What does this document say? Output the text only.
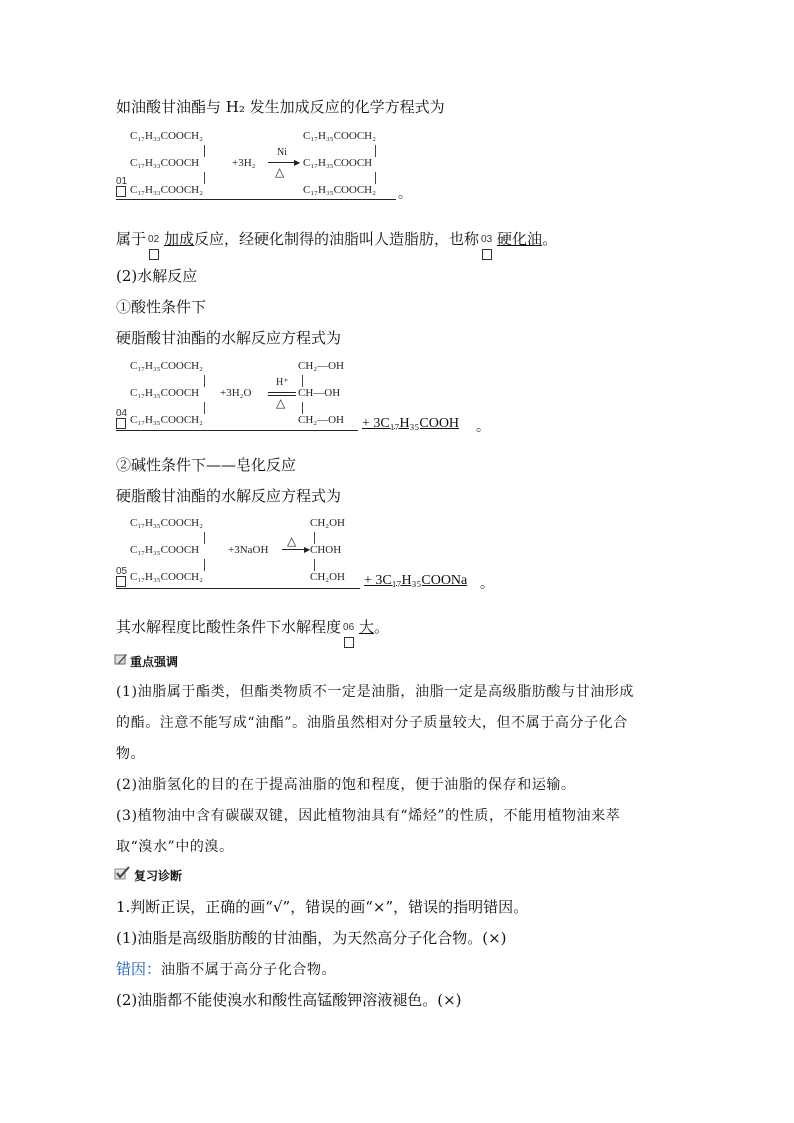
如油酸甘油酯与 H₂ 发生加成反应的化学方程式为
C₁₇H₃₃COOCH₂
C₁₇H₃₃COOCH
C₁₇H₃₃COOCH₂
+3H₂
Ni
▶
△
C₁₇H₃₅COOCH₂
C₁₇H₃₅COOCH
C₁₇H₃₅COOCH₂
01
。
属于 02 加成反应，经硬化制得的油脂叫人造脂肪，也称 03 硬化油。
(2)水解反应
①酸性条件下
硬脂酸甘油酯的水解反应方程式为
C₁₇H₃₅COOCH₂
C₁₇H₃₅COOCH
C₁₇H₃₅COOCH₂
+3H₂O
H⁺
△
CH₂—OH
CH—OH
CH₂—OH
04
+ 3C₁₇H₃₅COOH 。
②碱性条件下——皂化反应
硬脂酸甘油酯的水解反应方程式为
C₁₇H₃₅COOCH₂
C₁₇H₃₅COOCH
C₁₇H₃₅COOCH₂
+3NaOH
△
▶
CH₂OH
CHOH
CH₂OH
05
+ 3C₁₇H₃₅COONa 。
其水解程度比酸性条件下水解程度 06 大。
重点强调
(1)油脂属于酯类，但酯类物质不一定是油脂，油脂一定是高级脂肪酸与甘油形成
的酯。注意不能写成“油酯”。油脂虽然相对分子质量较大，但不属于高分子化合
物。
(2)油脂氢化的目的在于提高油脂的饱和程度，便于油脂的保存和运输。
(3)植物油中含有碳碳双键，因此植物油具有“烯烃”的性质，不能用植物油来萃
取“溴水”中的溴。
复习诊断
1.判断正误，正确的画“√”，错误的画“×”，错误的指明错因。
(1)油脂是高级脂肪酸的甘油酯，为天然高分子化合物。(×)
错因：油脂不属于高分子化合物。
(2)油脂都不能使溴水和酸性高锰酸钾溶液褪色。(×)
